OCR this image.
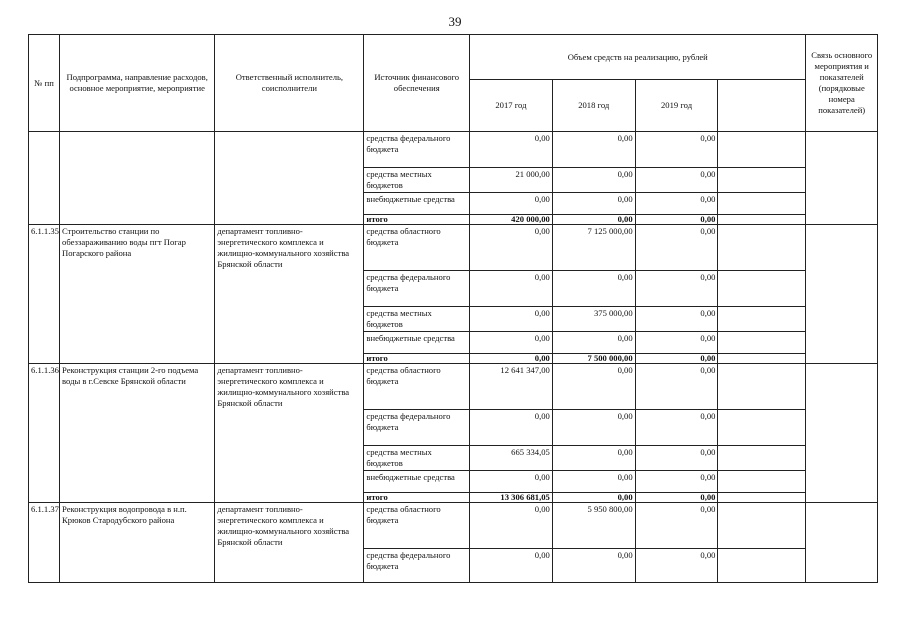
39
№ пп	Подпрограмма, направление расходов, основное мероприятие, мероприятие	Ответственный исполнитель, соисполнители	Источник финансового обеспечения	Объем средств на реализацию, рублей				Связь основного мероприятия и показателей (порядковые номера показателей)
				2017 год	2018 год	2019 год		
			средства федерального бюджета	0,00	0,00	0,00		
			средства местных бюджетов	21 000,00	0,00	0,00		
			внебюджетные средства	0,00	0,00	0,00		
			итого	420 000,00	0,00	0,00		
6.1.1.35	Строительство станции по обеззараживанию воды пгт Погар Погарского района	департамент топливно-энергетического комплекса и жилищно-коммунального хозяйства Брянской области	средства областного бюджета	0,00	7 125 000,00	0,00		
			средства федерального бюджета	0,00	0,00	0,00		
			средства местных бюджетов	0,00	375 000,00	0,00		
			внебюджетные средства	0,00	0,00	0,00		
			итого	0,00	7 500 000,00	0,00		
6.1.1.36	Реконструкция станции 2-го подъема воды в г.Севске Брянской области	департамент топливно-энергетического комплекса и жилищно-коммунального хозяйства Брянской области	средства областного бюджета	12 641 347,00	0,00	0,00		
			средства федерального бюджета	0,00	0,00	0,00		
			средства местных бюджетов	665 334,05	0,00	0,00		
			внебюджетные средства	0,00	0,00	0,00		
			итого	13 306 681,05	0,00	0,00		
6.1.1.37	Реконструкция водопровода в н.п. Крюков Стародубского района	департамент топливно-энергетического комплекса и жилищно-коммунального хозяйства Брянской области	средства областного бюджета	0,00	5 950 800,00	0,00		
			средства федерального бюджета	0,00	0,00	0,00		
